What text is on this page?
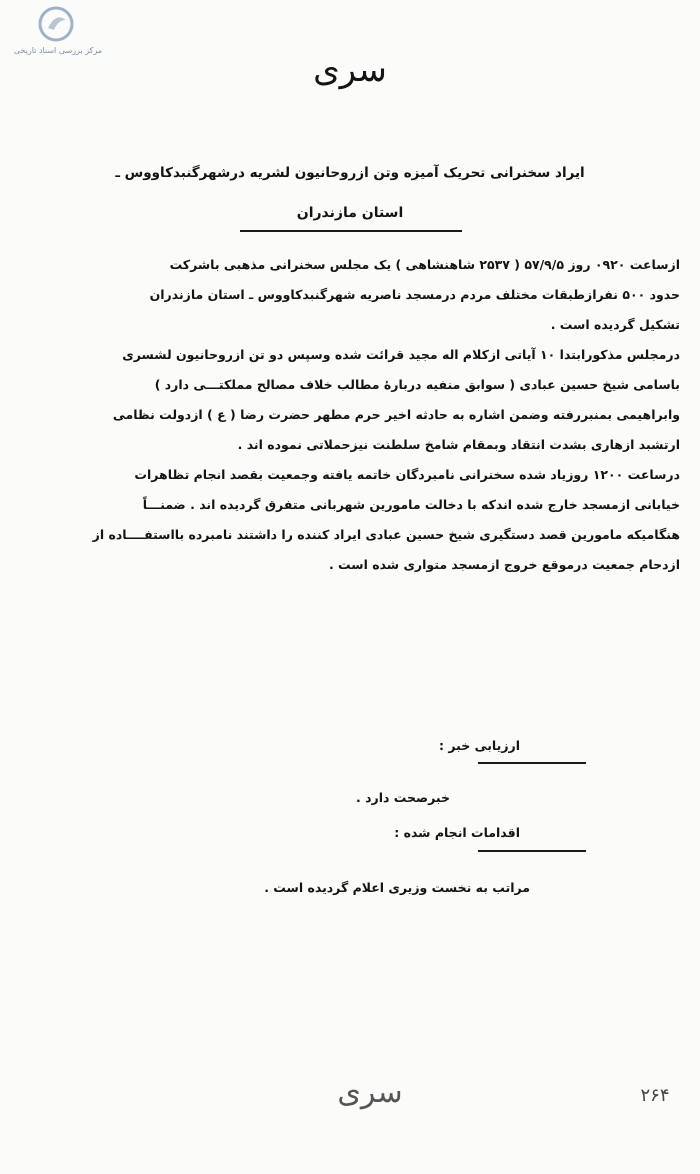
مرکز بررسی اسناد تاریخی	سری
ایراد سخنرانی تحریک آمیزه وتن ازروحانیون لشریه درشهرگنبدکاووس ـ
استان مازندران

ازساعت ۰۹۲۰ روز ۵۷/۹/۵ ( ۲۵۳۷ شاهنشاهی ) یک مجلس سخنرانی مذهبی باشرکت

حدود ۵۰۰ نفرازطبقات مختلف مردم درمسجد ناصریه شهرگنبدکاووس ـ استان مازندران

تشکیل گردیده است .

درمجلس مذکورابتدا ۱۰ آیاتی ازکلام اله مجید قرائت شده وسپس دو تن ازروحانیون لشسری

باسامی شیخ حسین عبادی ( سوابق منفیه دربارهٔ مطالب خلاف مصالح مملکتـــی دارد )

وابراهیمی بمنبررفته وضمن اشاره به حادثه اخیر حرم مطهر حضرت رضا ( ع ) ازدولت نظامی

ارتشبد ازهاری بشدت انتقاد وبمقام شامخ سلطنت نیزحملاتی نموده اند .

درساعت ۱۲۰۰ روزیاد شده سخنرانی نامبردگان خاتمه یافته وجمعیت بقصد انجام تظاهرات

خیابانی ازمسجد خارج شده اندکه با دخالت مامورین شهربانی متفرق گردیده اند . ضمنـــاً

هنگامیکه مامورین قصد دستگیری شیخ حسین عبادی ایراد کننده را داشتند نامبرده بااستفــــاده از

ازدحام جمعیت درموقع خروج ازمسجد متواری شده است .

ارزیابی خبر :
خبرصحت دارد .
اقدامات انجام شده :
مراتب به نخست وزیری اعلام گردیده است .
سری	۲۶۴
